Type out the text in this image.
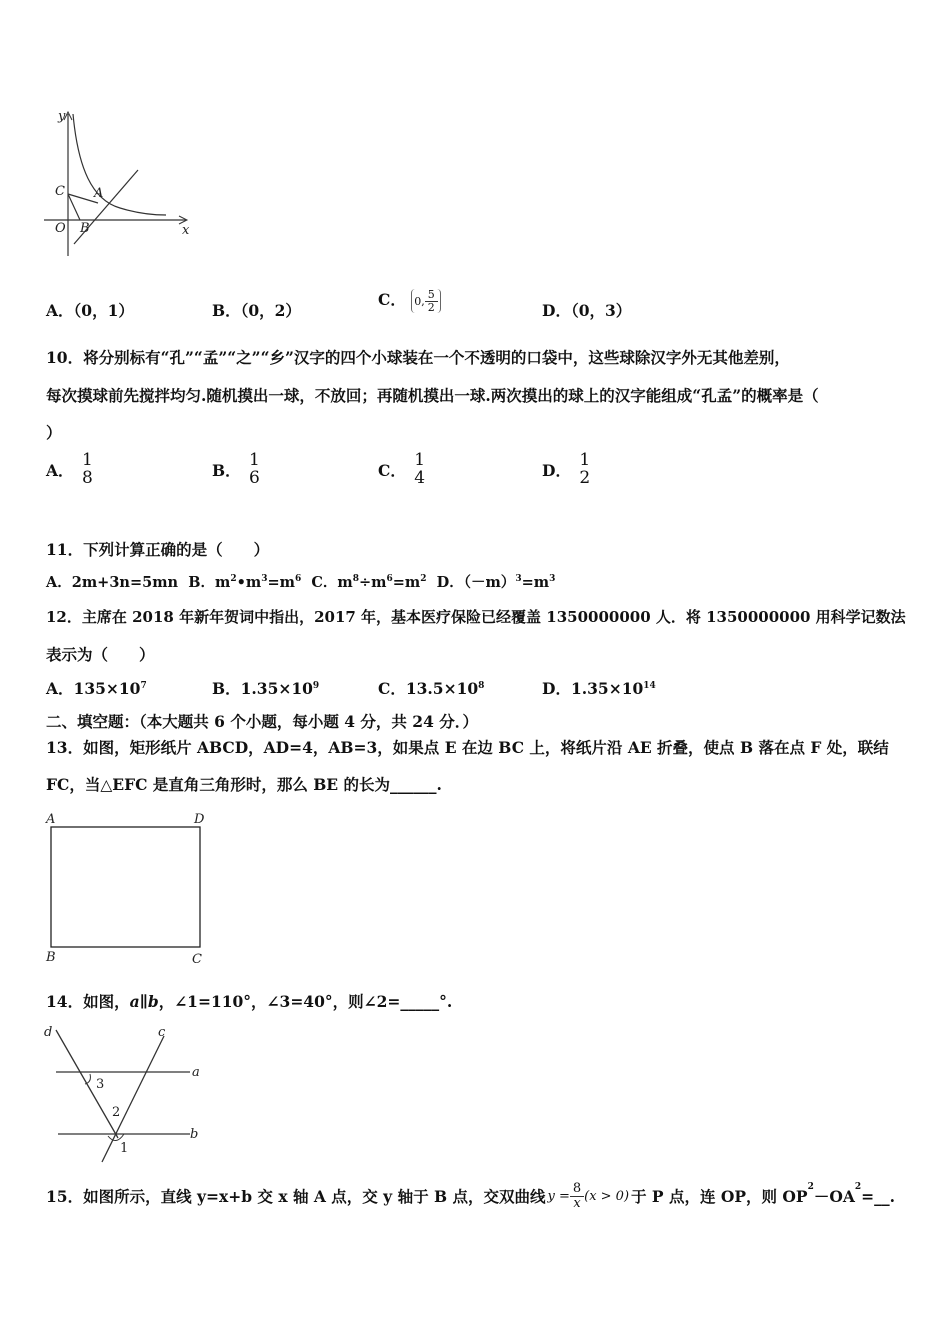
y
x
C A
O B
A．（0，1）	B．（0，2）
C． 0, $\frac{5}{2}$	D．（0，3）
10．将分别标有“孔”“孟”“之”“乡”汉字的四个小球装在一个不透明的口袋中，这些球除汉字外无其他差别，
每次摸球前先搅拌均匀.随机摸出一球，不放回；再随机摸出一球.两次摸出的球上的汉字能组成“孔孟”的概率是（
）
A．
1
8	B．
1
6	C．
1
4	D．
1
2
11．下列计算正确的是（　　）
A．2m+3n=5mn B．$m^2•m^3=m^6$ C．$m^8\div m^6=m^2$ D．$(-m)^3=m^3$
12．主席在 2018 年新年贺词中指出，2017 年，基本医疗保险已经覆盖 1350000000 人．将 1350000000 用科学记数法
表示为（　　）
A．$135\times 10^7$	B．$1.35\times 10^9$	C．$13.5\times 10^8$	D．$1.35\times 10^{14}$
二、填空题：（本大题共 6 个小题，每小题 4 分，共 24 分．）
13．如图，矩形纸片 ABCD，AD=4，AB=3，如果点 E 在边 BC 上，将纸片沿 AE 折叠，使点 B 落在点 F 处，联结
FC，当△EFC 是直角三角形时，那么 BE 的长为______.
A	D
B	C
14．如图，a∥b，∠1=110°，∠3=40°，则∠2=_____°.
d	c
a
b
3
2
1
15．如图所示，直线 y=x+b 交 x 轴 A 点，交 y 轴于 B 点，交双曲线 $y = \frac{8}{x} (x > 0)$ 于 P 点，连 OP，则 OP
$^2$
－OA
$^2$ =__.
